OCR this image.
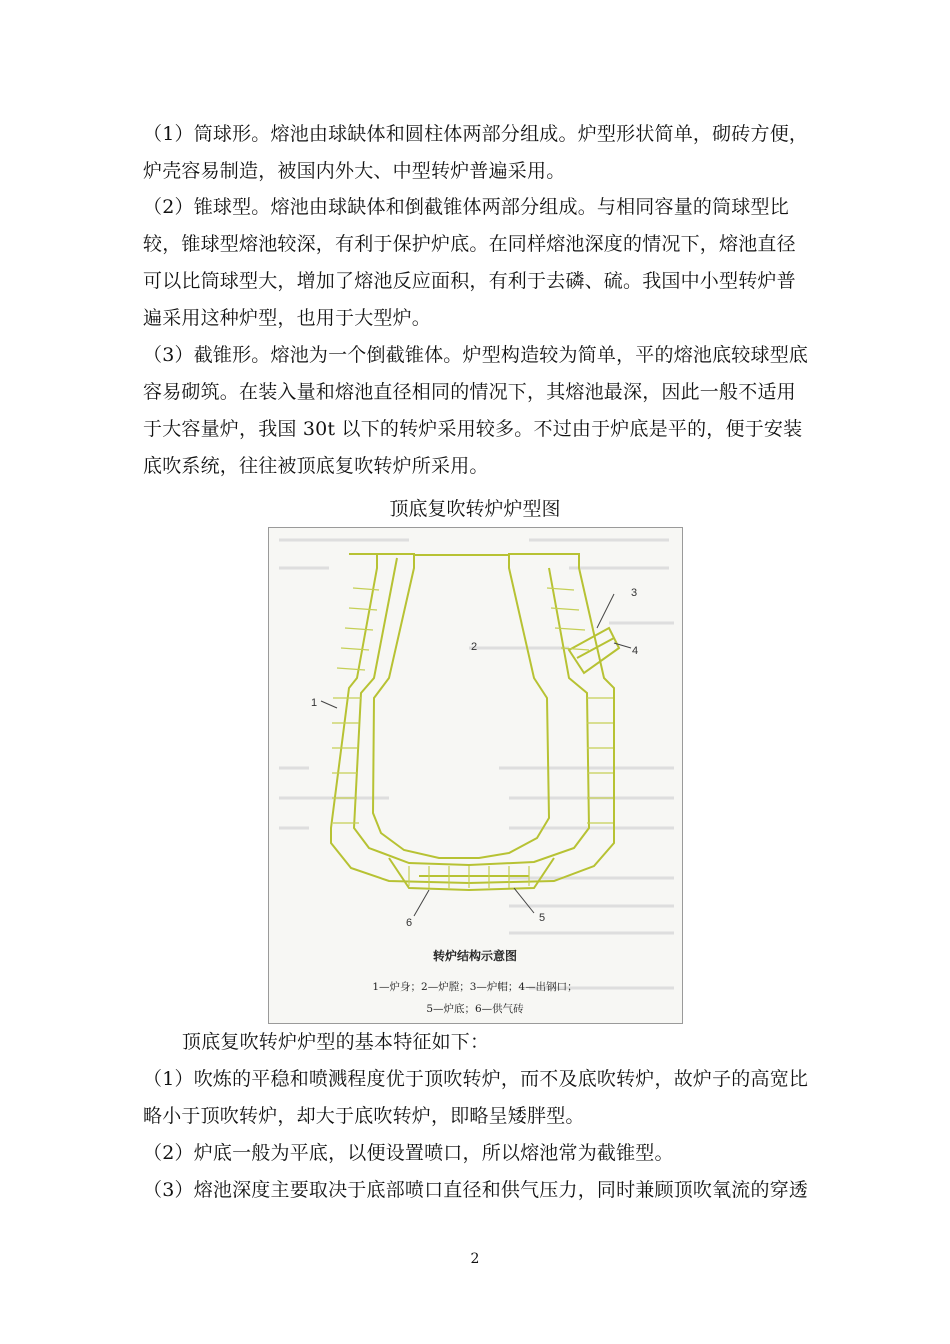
（1）筒球形。熔池由球缺体和圆柱体两部分组成。炉型形状简单，砌砖方便，炉壳容易制造，被国内外大、中型转炉普遍采用。

（2）锥球型。熔池由球缺体和倒截锥体两部分组成。与相同容量的筒球型比较，锥球型熔池较深，有利于保护炉底。在同样熔池深度的情况下，熔池直径可以比筒球型大，增加了熔池反应面积，有利于去磷、硫。我国中小型转炉普遍采用这种炉型，也用于大型炉。

（3）截锥形。熔池为一个倒截锥体。炉型构造较为简单，平的熔池底较球型底容易砌筑。在装入量和熔池直径相同的情况下，其熔池最深，因此一般不适用于大容量炉，我国 30t 以下的转炉采用较多。不过由于炉底是平的，便于安装底吹系统，往往被顶底复吹转炉所采用。

顶底复吹转炉炉型图
1
2
3
4
5
6
转炉结构示意图
1—炉身；2—炉膛；3—炉帽；4—出钢口；
5—炉底；6—供气砖

顶底复吹转炉炉型的基本特征如下：

（1）吹炼的平稳和喷溅程度优于顶吹转炉，而不及底吹转炉，故炉子的高宽比略小于顶吹转炉，却大于底吹转炉，即略呈矮胖型。

（2）炉底一般为平底，以便设置喷口，所以熔池常为截锥型。

（3）熔池深度主要取决于底部喷口直径和供气压力，同时兼顾顶吹氧流的穿透

2
